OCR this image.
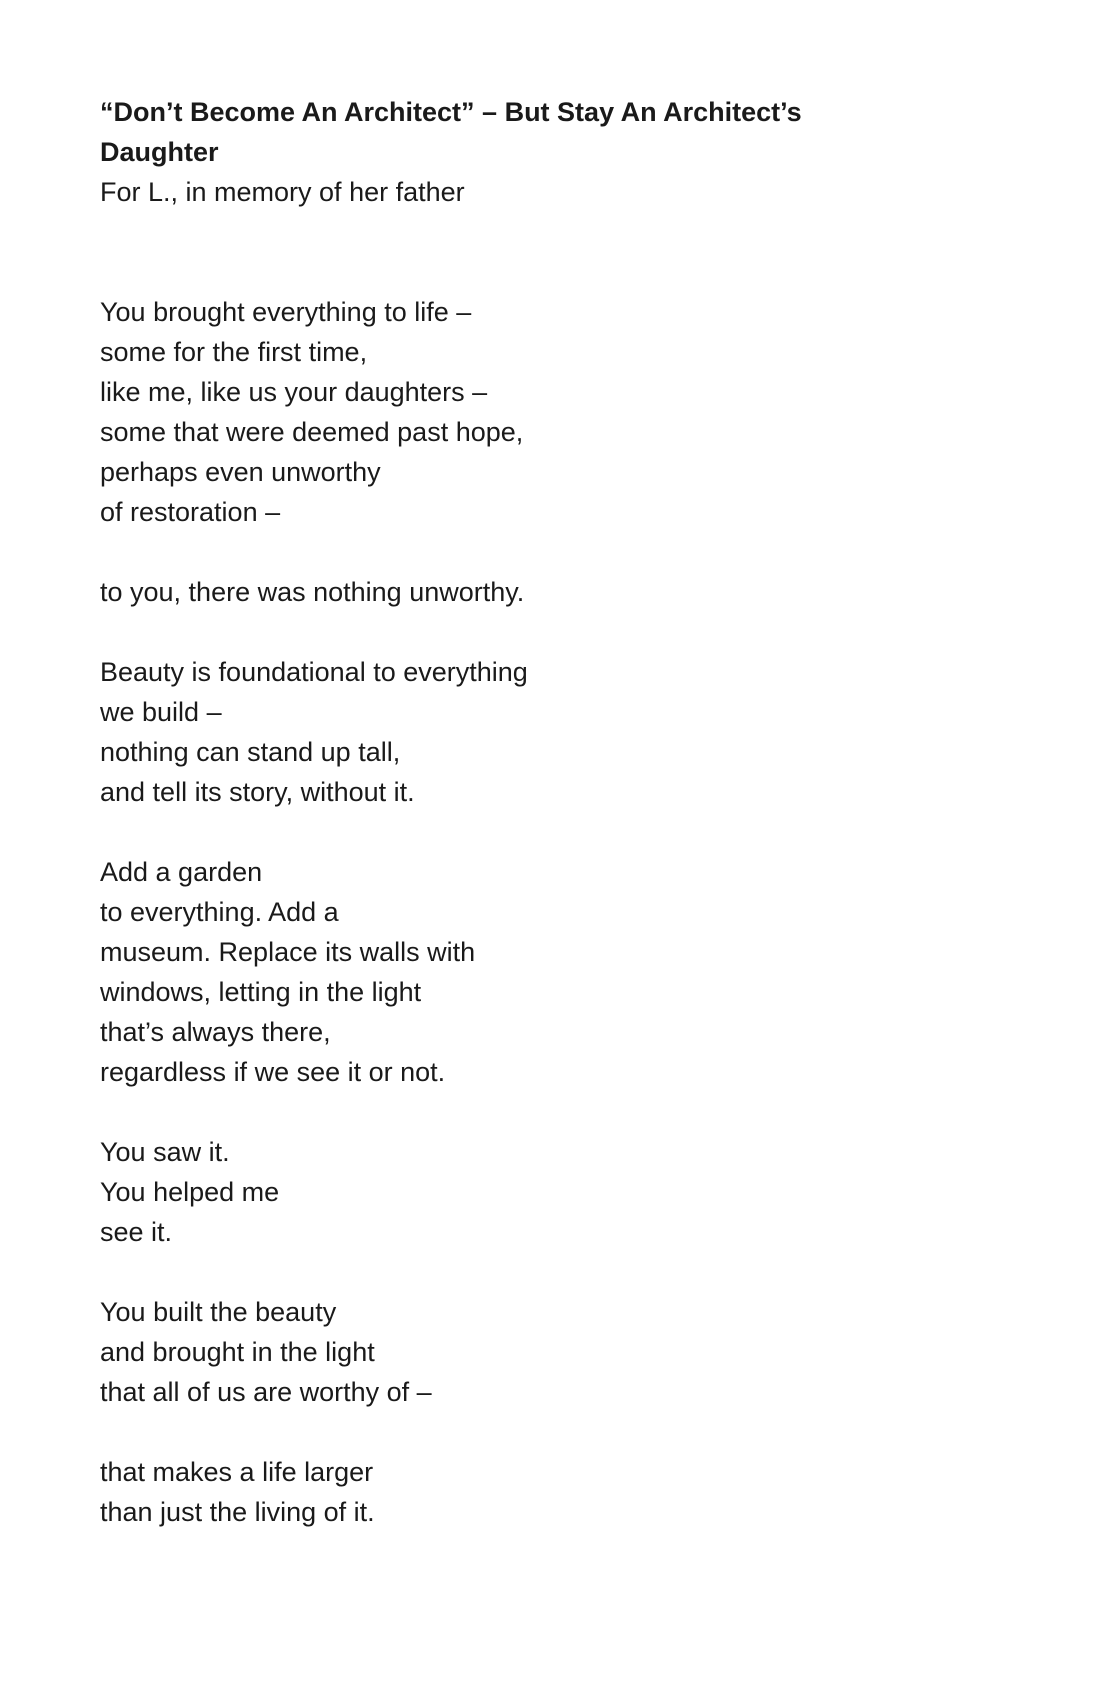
“Don’t Become An Architect” – But Stay An Architect’s
Daughter

For L., in memory of her father

You brought everything to life –
some for the first time,
like me, like us your daughters –
some that were deemed past hope,
perhaps even unworthy
of restoration –
to you, there was nothing unworthy.
Beauty is foundational to everything
we build –
nothing can stand up tall,
and tell its story, without it.
Add a garden
to everything. Add a
museum. Replace its walls with
windows, letting in the light
that’s always there,
regardless if we see it or not.
You saw it.
You helped me
see it.
You built the beauty
and brought in the light
that all of us are worthy of –
that makes a life larger
than just the living of it.
